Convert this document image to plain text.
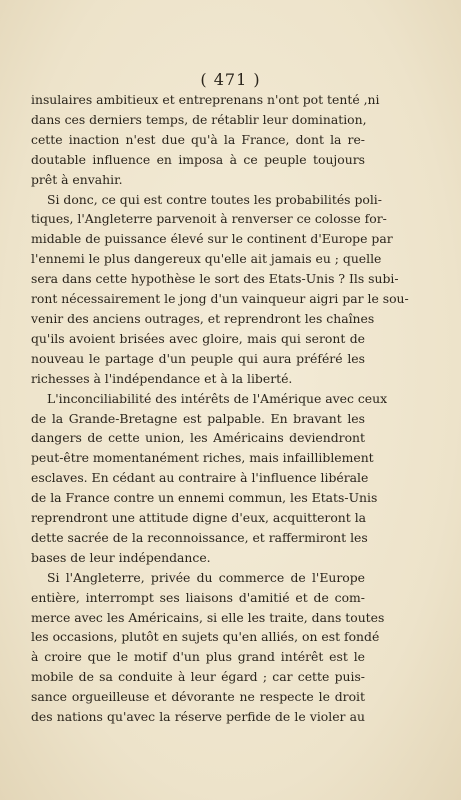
( 471 )

insulaires ambitieux et entreprenans n'ont pot tenté ,ni
dans ces derniers temps, de rétablir leur domination,
cette inaction n'est due qu'à la France, dont la re-
doutable influence en imposa à ce peuple toujours
prêt à envahir.

Si donc, ce qui est contre toutes les probabilités poli-
tiques, l'Angleterre parvenoit à renverser ce colosse for-
midable de puissance élevé sur le continent d'Europe par
l'ennemi le plus dangereux qu'elle ait jamais eu ; quelle
sera dans cette hypothèse le sort des Etats-Unis ? Ils subi-
ront nécessairement le jong d'un vainqueur aigri par le sou-
venir des anciens outrages, et reprendront les chaînes
qu'ils avoient brisées avec gloire, mais qui seront de
nouveau le partage d'un peuple qui aura préféré les
richesses à l'indépendance et à la liberté.

L'inconciliabilité des intérêts de l'Amérique avec ceux
de la Grande-Bretagne est palpable. En bravant les
dangers de cette union, les Américains deviendront
peut-être momentanément riches, mais infailliblement
esclaves. En cédant au contraire à l'influence libérale
de la France contre un ennemi commun, les Etats-Unis
reprendront une attitude digne d'eux, acquitteront la
dette sacrée de la reconnoissance, et raffermiront les
bases de leur indépendance.

Si l'Angleterre, privée du commerce de l'Europe
entière, interrompt ses liaisons d'amitié et de com-
merce avec les Américains, si elle les traite, dans toutes
les occasions, plutôt en sujets qu'en alliés, on est fondé
à croire que le motif d'un plus grand intérêt est le
mobile de sa conduite à leur égard ; car cette puis-
sance orgueilleuse et dévorante ne respecte le droit
des nations qu'avec la réserve perfide de le violer au
